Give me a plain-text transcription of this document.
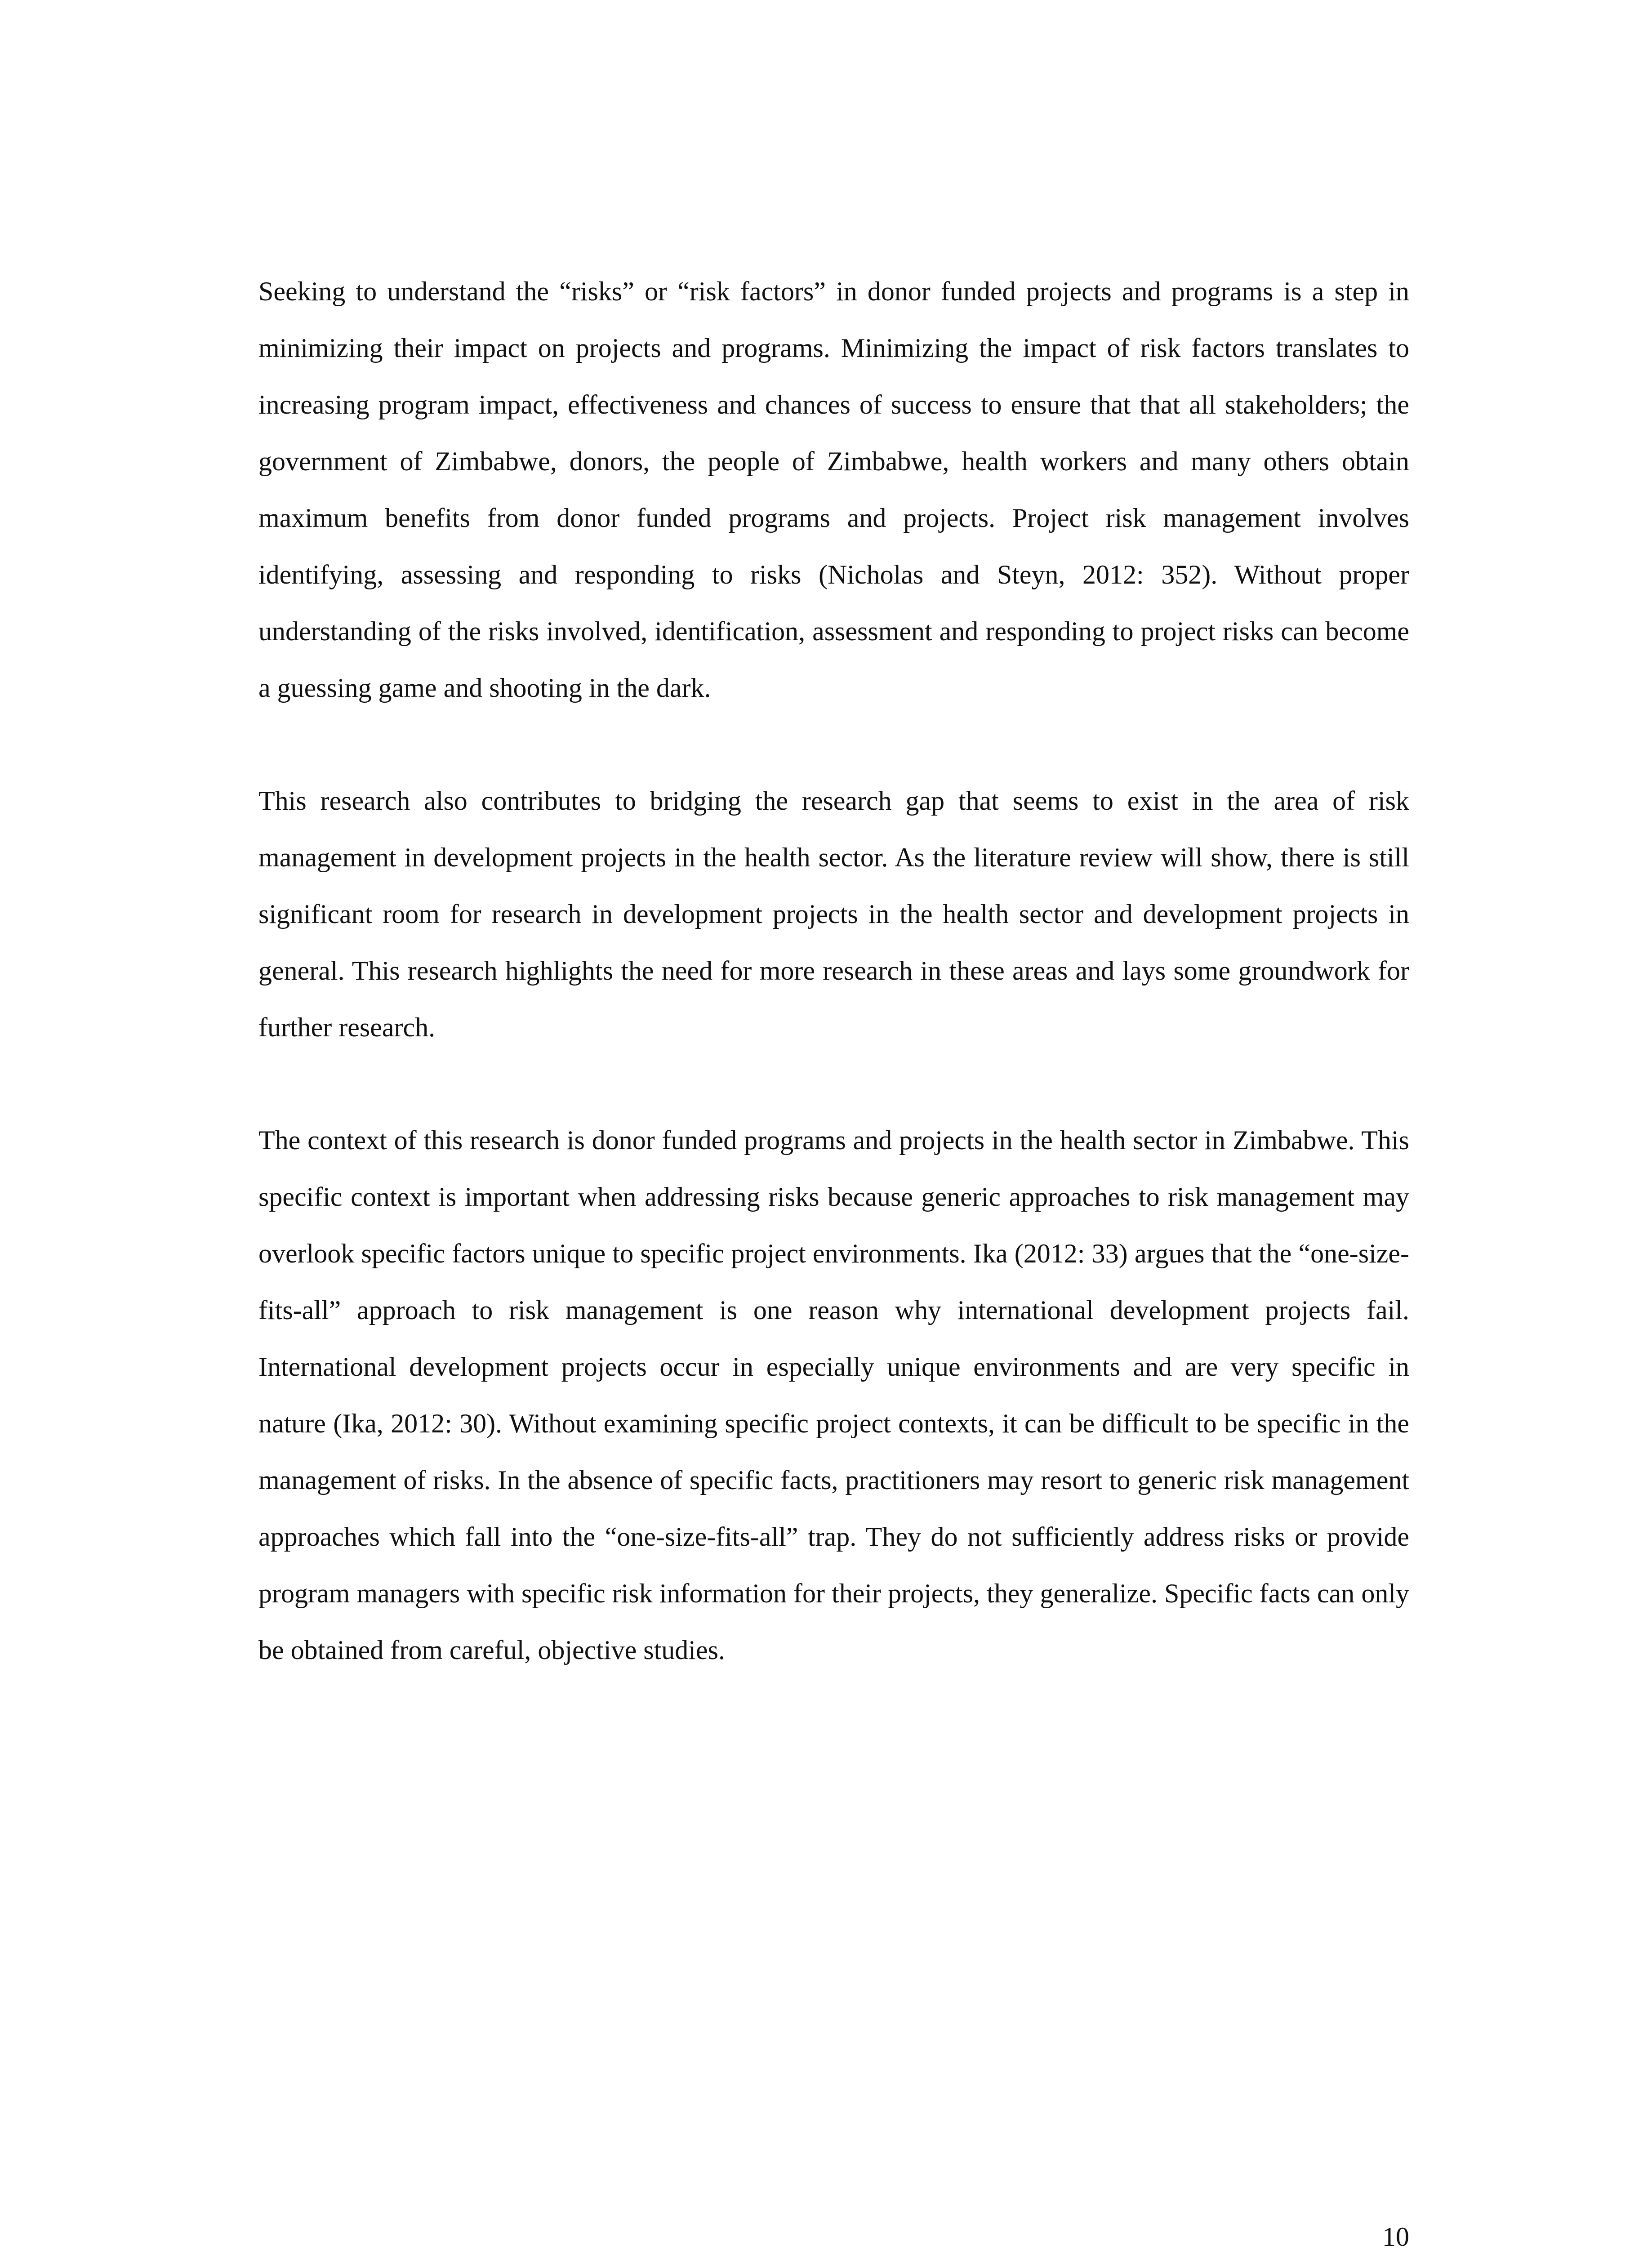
Seeking to understand the “risks” or “risk factors” in donor funded projects and programs is a step in minimizing their impact on projects and programs. Minimizing the impact of risk factors translates to increasing program impact, effectiveness and chances of success to ensure that that all stakeholders; the government of Zimbabwe, donors, the people of Zimbabwe, health workers and many others obtain maximum benefits from donor funded programs and projects. Project risk management involves identifying, assessing and responding to risks (Nicholas and Steyn, 2012: 352). Without proper understanding of the risks involved, identification, assessment and responding to project risks can become a guessing game and shooting in the dark.

This research also contributes to bridging the research gap that seems to exist in the area of risk management in development projects in the health sector. As the literature review will show, there is still significant room for research in development projects in the health sector and development projects in general. This research highlights the need for more research in these areas and lays some groundwork for further research.

The context of this research is donor funded programs and projects in the health sector in Zimbabwe. This specific context is important when addressing risks because generic approaches to risk management may overlook specific factors unique to specific project environments. Ika (2012: 33) argues that the “one-size-fits-all” approach to risk management is one reason why international development projects fail. International development projects occur in especially unique environments and are very specific in nature (Ika, 2012: 30). Without examining specific project contexts, it can be difficult to be specific in the management of risks. In the absence of specific facts, practitioners may resort to generic risk management approaches which fall into the “one-size-fits-all” trap. They do not sufficiently address risks or provide program managers with specific risk information for their projects, they generalize. Specific facts can only be obtained from careful, objective studies.

10
